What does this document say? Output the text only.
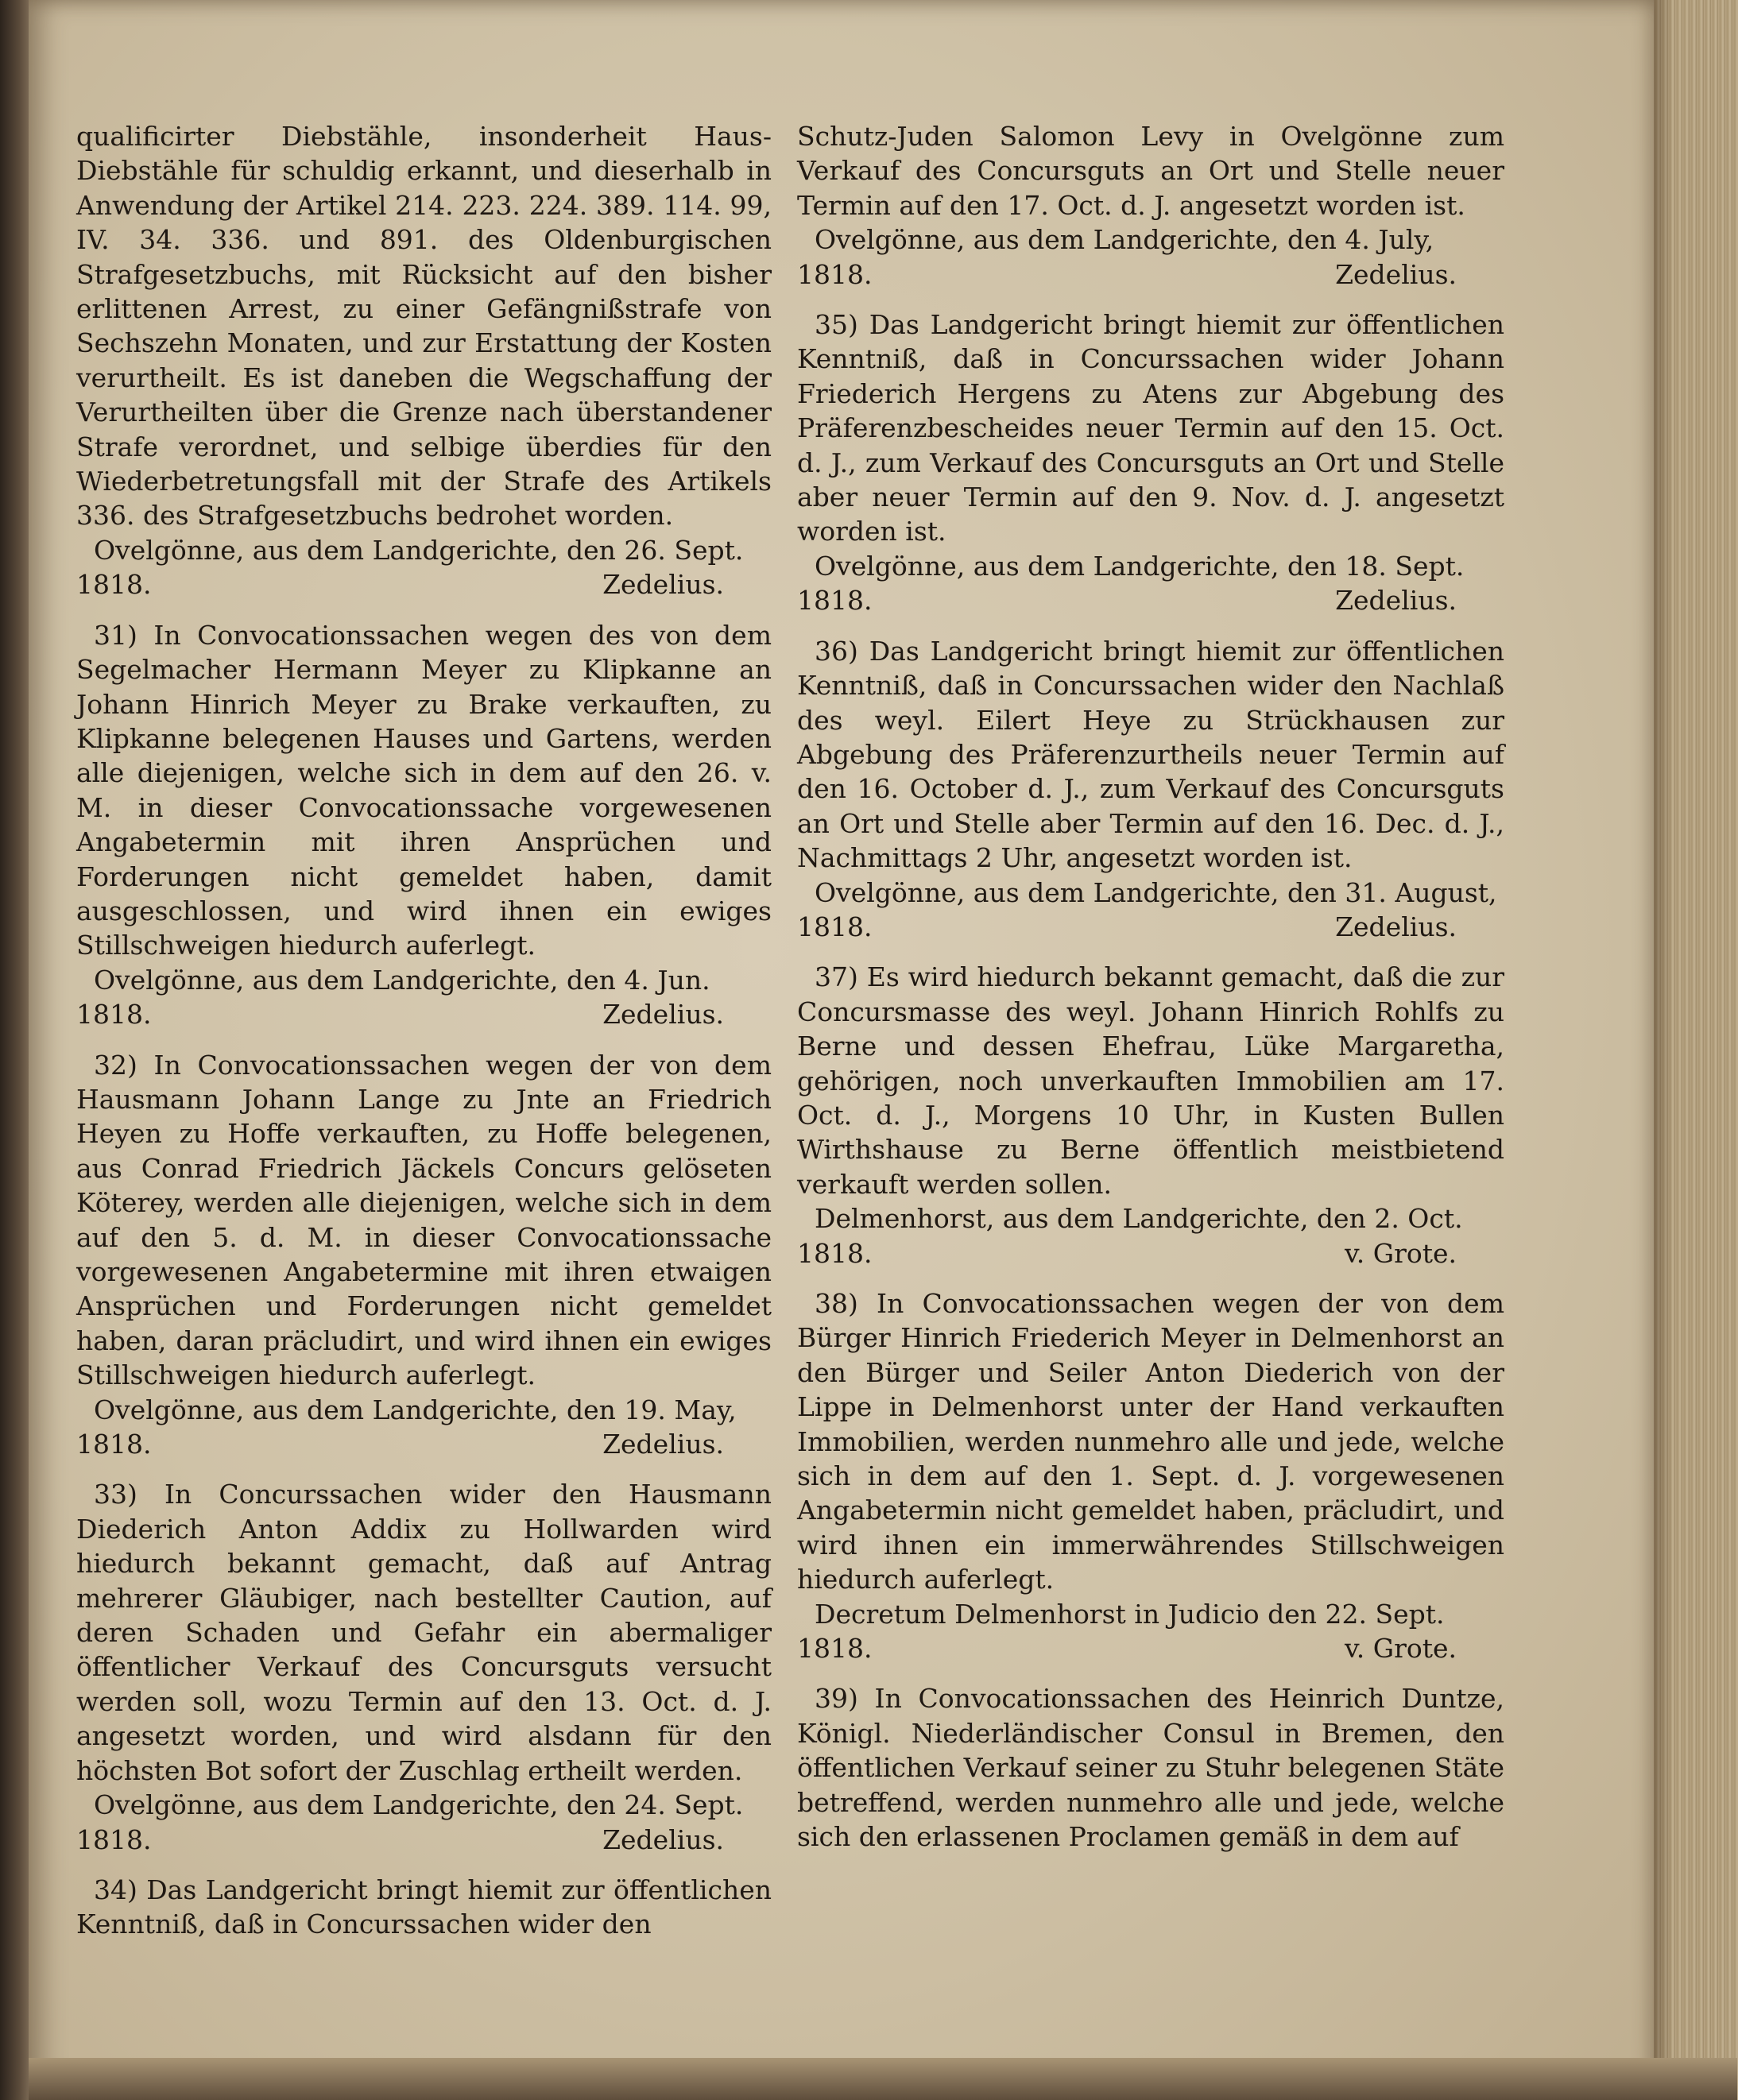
qualificirter Diebstähle, insonderheit Haus-Diebstähle für schuldig erkannt, und dieserhalb in Anwendung der Artikel 214. 223. 224. 389. 114. 99, IV. 34. 336. und 891. des Oldenburgischen Strafgesetzbuchs, mit Rücksicht auf den bisher erlittenen Arrest, zu einer Gefängnißstrafe von Sechszehn Monaten, und zur Erstattung der Kosten verurtheilt. Es ist daneben die Wegschaffung der Verurtheilten über die Grenze nach überstandener Strafe verordnet, und selbige überdies für den Wiederbetretungsfall mit der Strafe des Artikels 336. des Strafgesetzbuchs bedrohet worden.

Ovelgönne, aus dem Landgerichte, den 26. Sept.

1818.	Zedelius.

31) In Convocationssachen wegen des von dem Segelmacher Hermann Meyer zu Klipkanne an Johann Hinrich Meyer zu Brake verkauften, zu Klipkanne belegenen Hauses und Gartens, werden alle diejenigen, welche sich in dem auf den 26. v. M. in dieser Convocationssache vorgewesenen Angabetermin mit ihren Ansprüchen und Forderungen nicht gemeldet haben, damit ausgeschlossen, und wird ihnen ein ewiges Stillschweigen hiedurch auferlegt.

Ovelgönne, aus dem Landgerichte, den 4. Jun.

1818.	Zedelius.

32) In Convocationssachen wegen der von dem Hausmann Johann Lange zu Jnte an Friedrich Heyen zu Hoffe verkauften, zu Hoffe belegenen, aus Conrad Friedrich Jäckels Concurs gelöseten Köterey, werden alle diejenigen, welche sich in dem auf den 5. d. M. in dieser Convocationssache vorgewesenen Angabetermine mit ihren etwaigen Ansprüchen und Forderungen nicht gemeldet haben, daran präcludirt, und wird ihnen ein ewiges Stillschweigen hiedurch auferlegt.

Ovelgönne, aus dem Landgerichte, den 19. May,

1818.	Zedelius.

33) In Concurssachen wider den Hausmann Diederich Anton Addix zu Hollwarden wird hiedurch bekannt gemacht, daß auf Antrag mehrerer Gläubiger, nach bestellter Caution, auf deren Schaden und Gefahr ein abermaliger öffentlicher Verkauf des Concursguts versucht werden soll, wozu Termin auf den 13. Oct. d. J. angesetzt worden, und wird alsdann für den höchsten Bot sofort der Zuschlag ertheilt werden.

Ovelgönne, aus dem Landgerichte, den 24. Sept.

1818.	Zedelius.

34) Das Landgericht bringt hiemit zur öffentlichen Kenntniß, daß in Concurssachen wider den

Schutz-Juden Salomon Levy in Ovelgönne zum Verkauf des Concursguts an Ort und Stelle neuer Termin auf den 17. Oct. d. J. angesetzt worden ist.

Ovelgönne, aus dem Landgerichte, den 4. July,

1818.	Zedelius.

35) Das Landgericht bringt hiemit zur öffentlichen Kenntniß, daß in Concurssachen wider Johann Friederich Hergens zu Atens zur Abgebung des Präferenzbescheides neuer Termin auf den 15. Oct. d. J., zum Verkauf des Concursguts an Ort und Stelle aber neuer Termin auf den 9. Nov. d. J. angesetzt worden ist.

Ovelgönne, aus dem Landgerichte, den 18. Sept.

1818.	Zedelius.

36) Das Landgericht bringt hiemit zur öffentlichen Kenntniß, daß in Concurssachen wider den Nachlaß des weyl. Eilert Heye zu Strückhausen zur Abgebung des Präferenzurtheils neuer Termin auf den 16. October d. J., zum Verkauf des Concursguts an Ort und Stelle aber Termin auf den 16. Dec. d. J., Nachmittags 2 Uhr, angesetzt worden ist.

Ovelgönne, aus dem Landgerichte, den 31. August,

1818.	Zedelius.

37) Es wird hiedurch bekannt gemacht, daß die zur Concursmasse des weyl. Johann Hinrich Rohlfs zu Berne und dessen Ehefrau, Lüke Margaretha, gehörigen, noch unverkauften Immobilien am 17. Oct. d. J., Morgens 10 Uhr, in Kusten Bullen Wirthshause zu Berne öffentlich meistbietend verkauft werden sollen.

Delmenhorst, aus dem Landgerichte, den 2. Oct.

1818.	v. Grote.

38) In Convocationssachen wegen der von dem Bürger Hinrich Friederich Meyer in Delmenhorst an den Bürger und Seiler Anton Diederich von der Lippe in Delmenhorst unter der Hand verkauften Immobilien, werden nunmehro alle und jede, welche sich in dem auf den 1. Sept. d. J. vorgewesenen Angabetermin nicht gemeldet haben, präcludirt, und wird ihnen ein immerwährendes Stillschweigen hiedurch auferlegt.

Decretum Delmenhorst in Judicio den 22. Sept.

1818.	v. Grote.

39) In Convocationssachen des Heinrich Duntze, Königl. Niederländischer Consul in Bremen, den öffentlichen Verkauf seiner zu Stuhr belegenen Stäte betreffend, werden nunmehro alle und jede, welche sich den erlassenen Proclamen gemäß in dem auf
